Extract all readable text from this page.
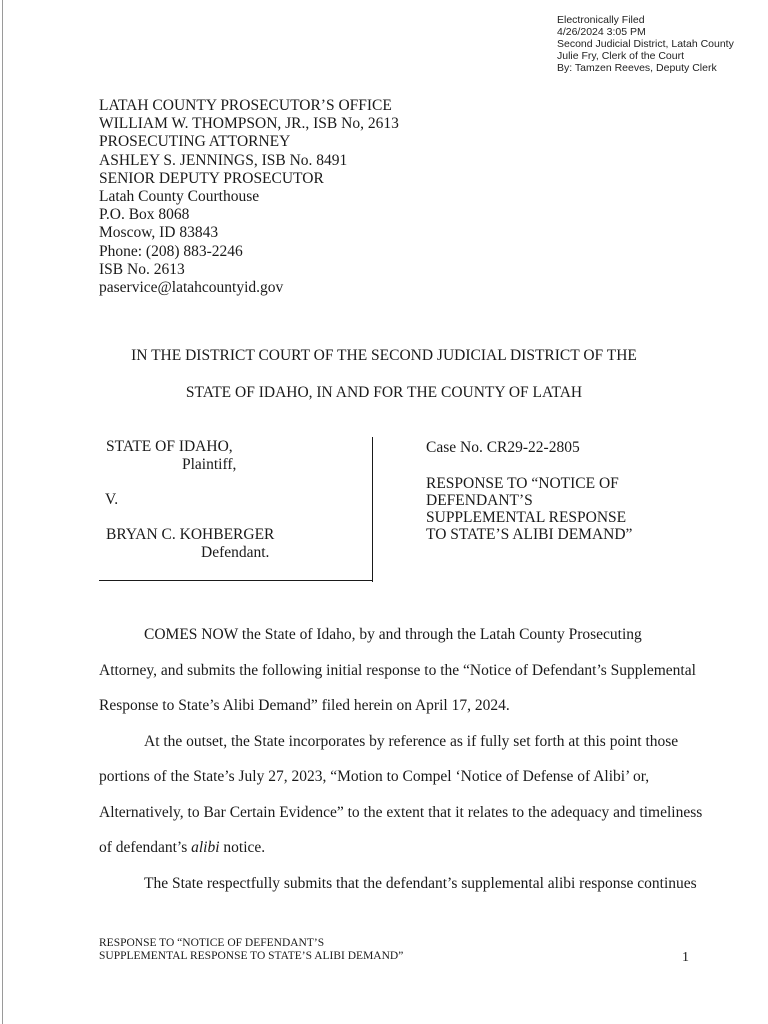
Electronically Filed
4/26/2024 3:05 PM
Second Judicial District, Latah County
Julie Fry, Clerk of the Court
By: Tamzen Reeves, Deputy Clerk
LATAH COUNTY PROSECUTOR’S OFFICE
WILLIAM W. THOMPSON, JR., ISB No, 2613
PROSECUTING ATTORNEY
ASHLEY S. JENNINGS, ISB No. 8491
SENIOR DEPUTY PROSECUTOR
Latah County Courthouse
P.O. Box 8068
Moscow, ID 83843
Phone: (208) 883-2246
ISB No. 2613
paservice@latahcountyid.gov
IN THE DISTRICT COURT OF THE SECOND JUDICIAL DISTRICT OF THE
STATE OF IDAHO, IN AND FOR THE COUNTY OF LATAH
STATE OF IDAHO,
Plaintiff,
V.
BRYAN C. KOHBERGER
Defendant.
Case No. CR29-22-2805
RESPONSE TO “NOTICE OF
DEFENDANT’S
SUPPLEMENTAL RESPONSE
TO STATE’S ALIBI DEMAND”

COMES NOW the State of Idaho, by and through the Latah County Prosecuting
Attorney, and submits the following initial response to the “Notice of Defendant’s Supplemental
Response to State’s Alibi Demand” filed herein on April 17, 2024.

At the outset, the State incorporates by reference as if fully set forth at this point those
portions of the State’s July 27, 2023, “Motion to Compel ‘Notice of Defense of Alibi’ or,
Alternatively, to Bar Certain Evidence” to the extent that it relates to the adequacy and timeliness
of defendant’s alibi notice.

The State respectfully submits that the defendant’s supplemental alibi response continues

RESPONSE TO “NOTICE OF DEFENDANT’S
SUPPLEMENTAL RESPONSE TO STATE’S ALIBI DEMAND”	1
